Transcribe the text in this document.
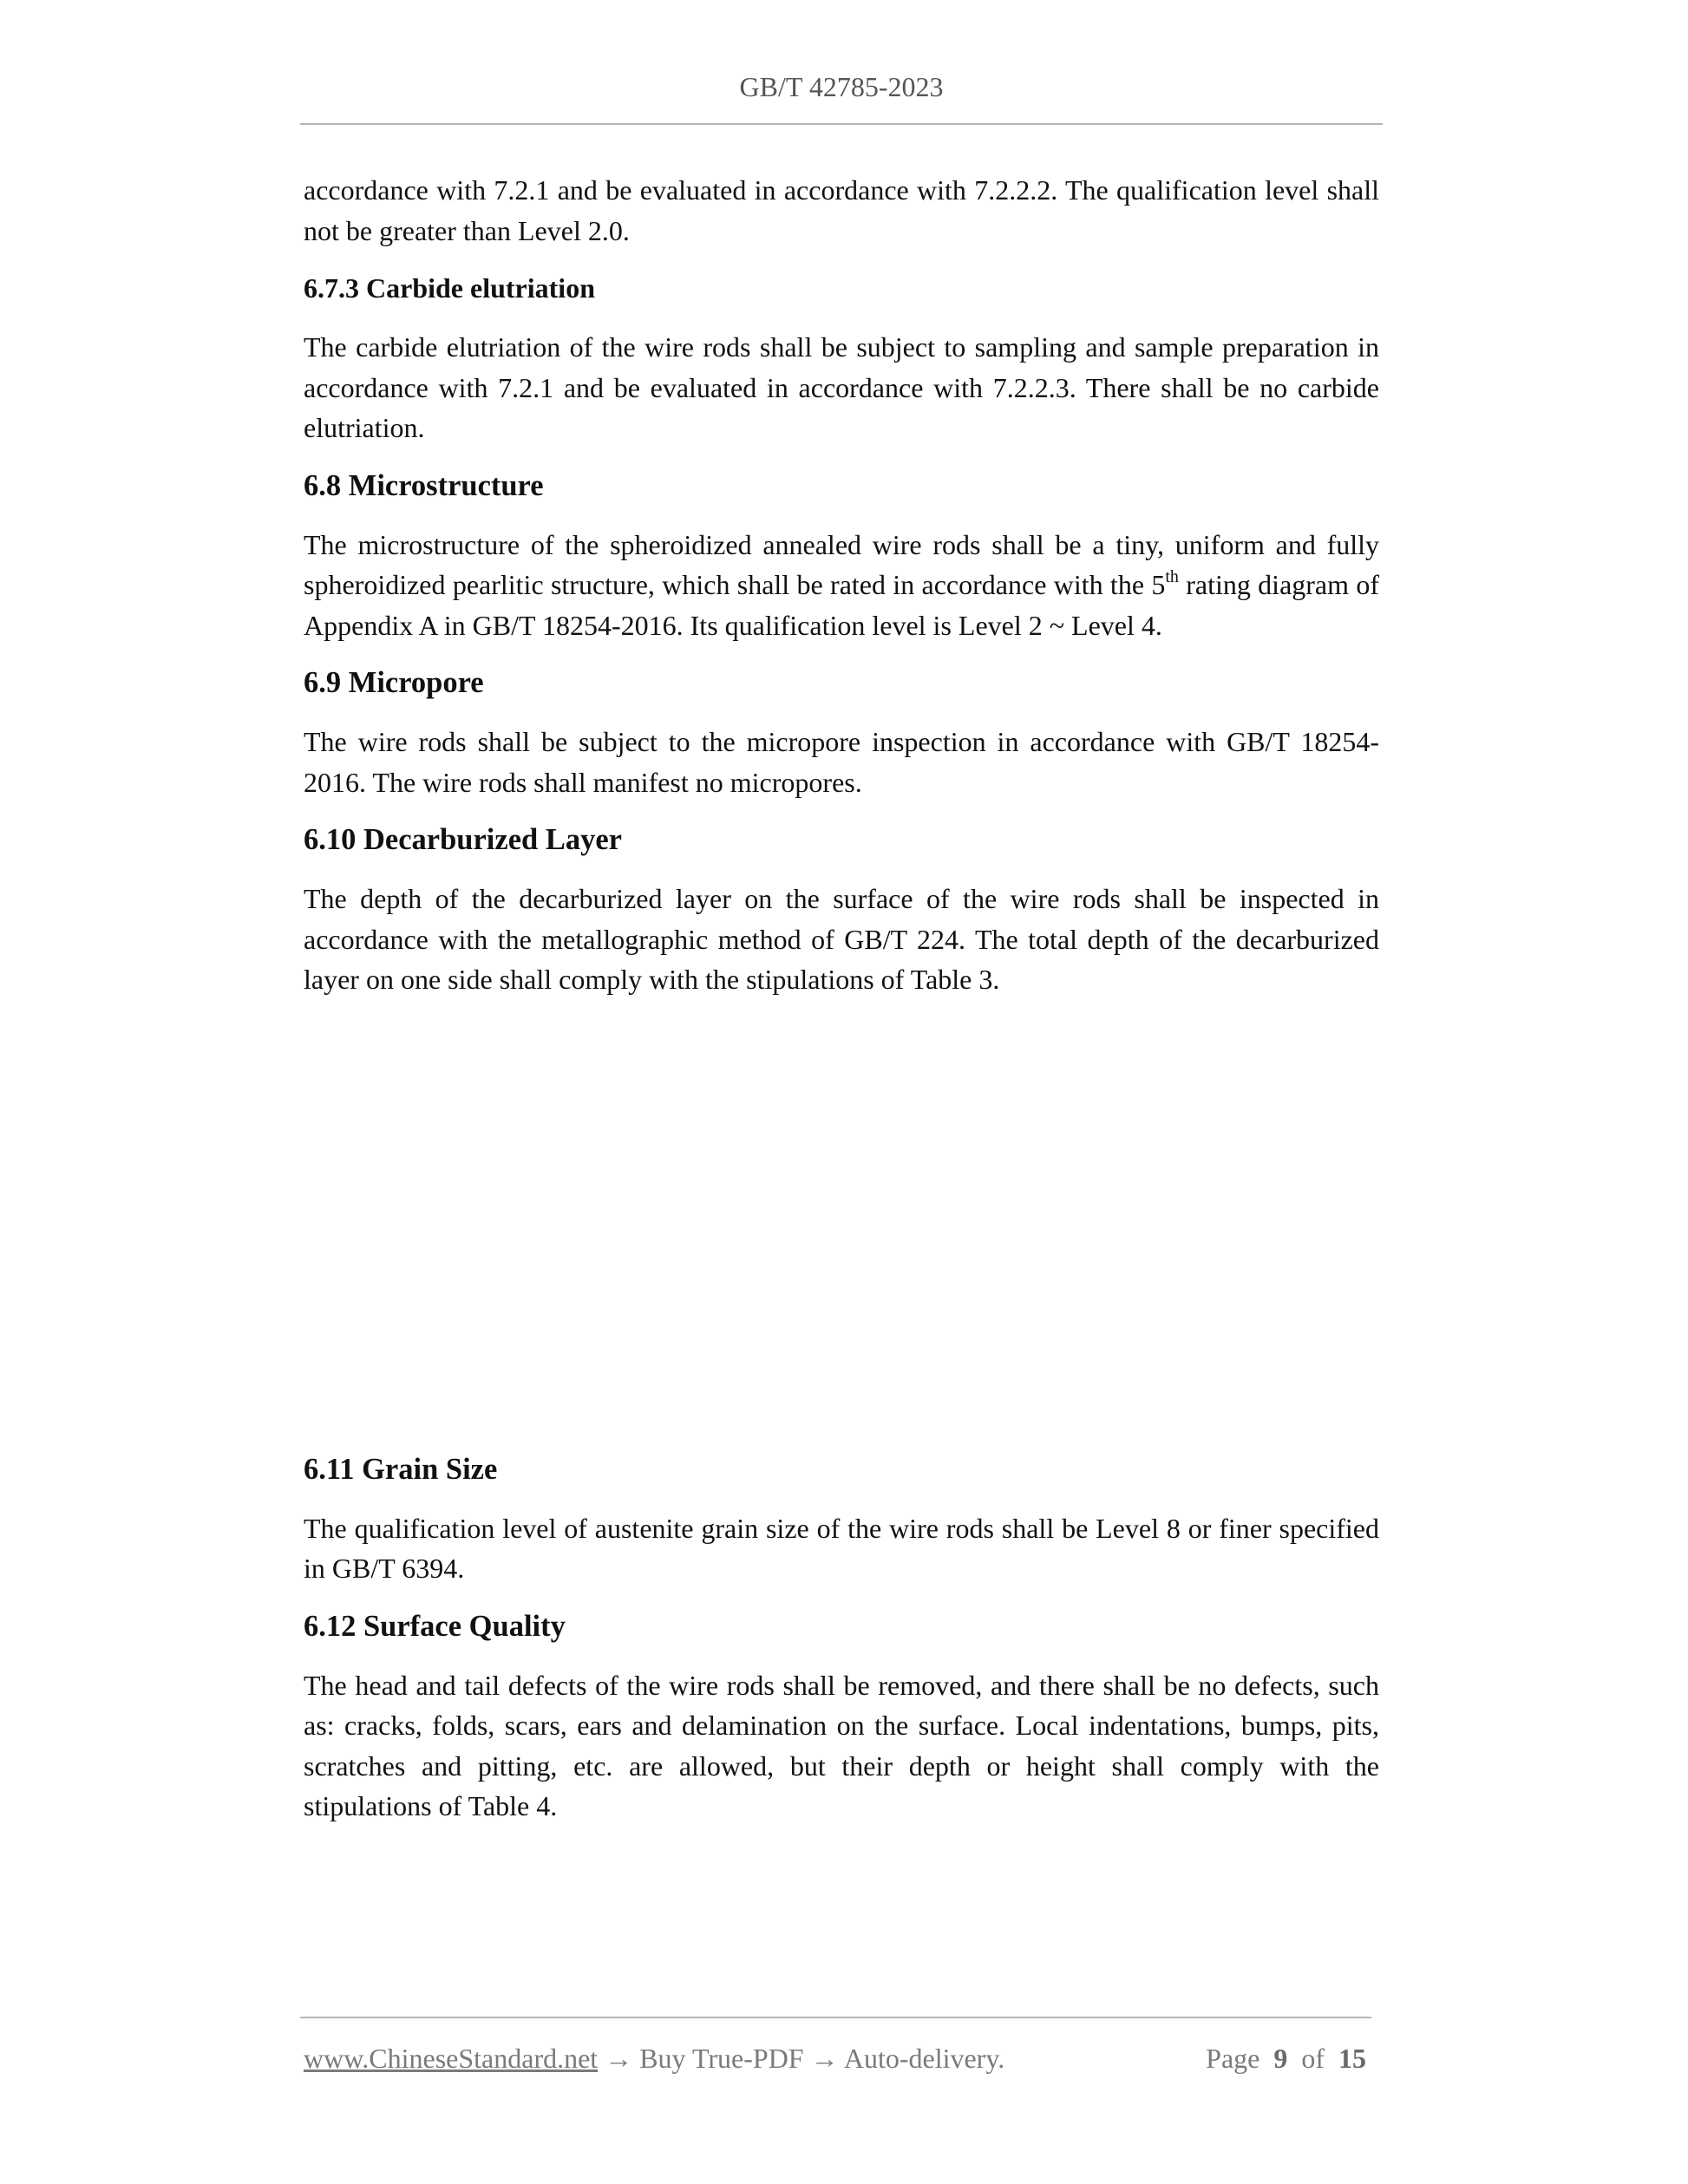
GB/T 42785-2023

accordance with 7.2.1 and be evaluated in accordance with 7.2.2.2. The qualification level shall not be greater than Level 2.0.

6.7.3 Carbide elutriation

The carbide elutriation of the wire rods shall be subject to sampling and sample preparation in accordance with 7.2.1 and be evaluated in accordance with 7.2.2.3. There shall be no carbide elutriation.

6.8 Microstructure

The microstructure of the spheroidized annealed wire rods shall be a tiny, uniform and fully spheroidized pearlitic structure, which shall be rated in accordance with the 5th rating diagram of Appendix A in GB/T 18254-2016. Its qualification level is Level 2 ~ Level 4.

6.9 Micropore

The wire rods shall be subject to the micropore inspection in accordance with GB/T 18254-2016. The wire rods shall manifest no micropores.

6.10 Decarburized Layer

The depth of the decarburized layer on the surface of the wire rods shall be inspected in accordance with the metallographic method of GB/T 224. The total depth of the decarburized layer on one side shall comply with the stipulations of Table 3.

6.11 Grain Size

The qualification level of austenite grain size of the wire rods shall be Level 8 or finer specified in GB/T 6394.

6.12 Surface Quality

The head and tail defects of the wire rods shall be removed, and there shall be no defects, such as: cracks, folds, scars, ears and delamination on the surface. Local indentations, bumps, pits, scratches and pitting, etc. are allowed, but their depth or height shall comply with the stipulations of Table 4.

www.ChineseStandard.net → Buy True-PDF → Auto-delivery.	Page 9 of 15
